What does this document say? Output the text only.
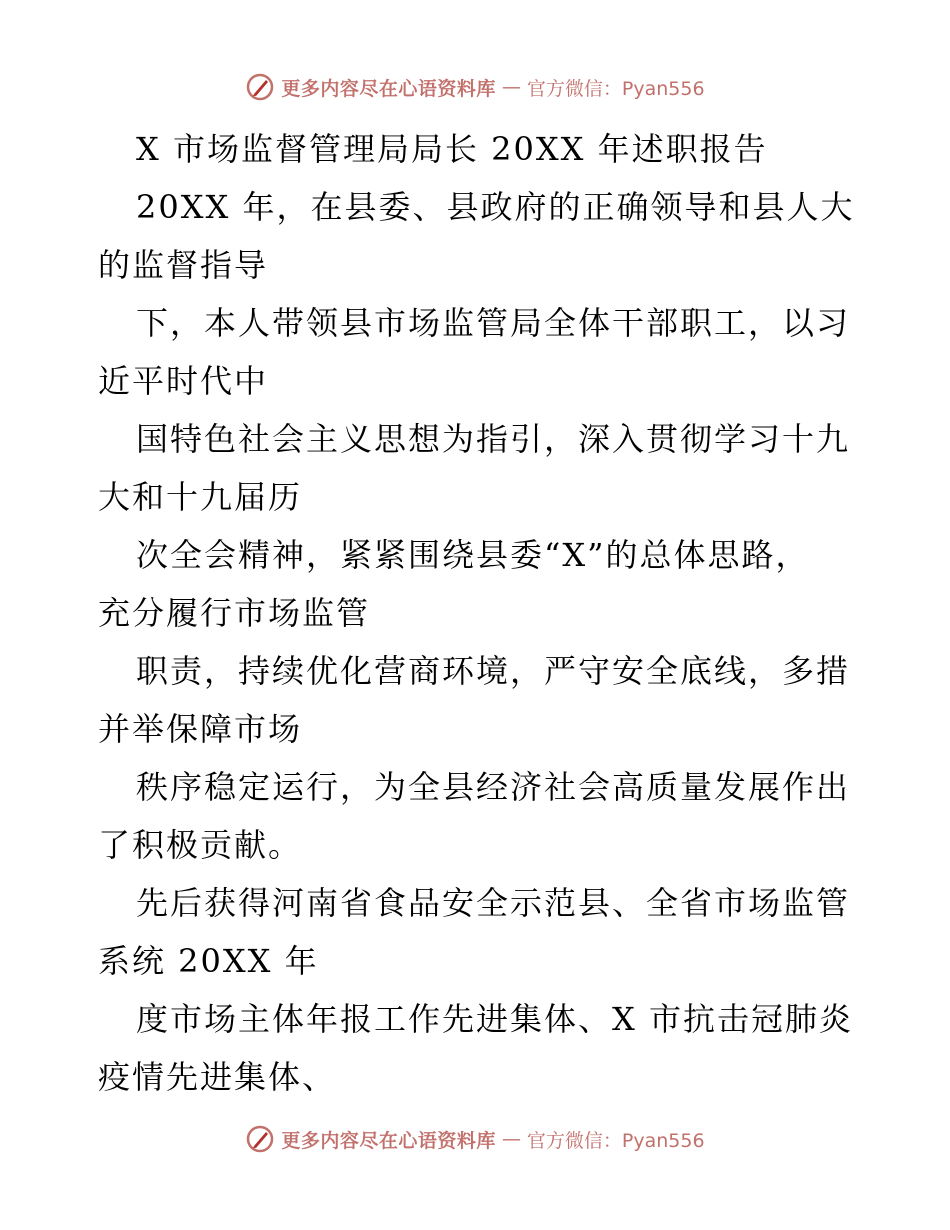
更多内容尽在心语资料库 — 官方微信：Pyan556
X 市场监督管理局局长 20XX 年述职报告
20XX 年，在县委、县政府的正确领导和县人大
的监督指导
下，本人带领县市场监管局全体干部职工，以习
近平时代中
国特色社会主义思想为指引，深入贯彻学习十九
大和十九届历
次全会精神，紧紧围绕县委“X”的总体思路，
充分履行市场监管
职责，持续优化营商环境，严守安全底线，多措
并举保障市场
秩序稳定运行，为全县经济社会高质量发展作出
了积极贡献。
先后获得河南省食品安全示范县、全省市场监管
系统 20XX 年
度市场主体年报工作先进集体、X 市抗击冠肺炎
疫情先进集体、
更多内容尽在心语资料库 — 官方微信：Pyan556
